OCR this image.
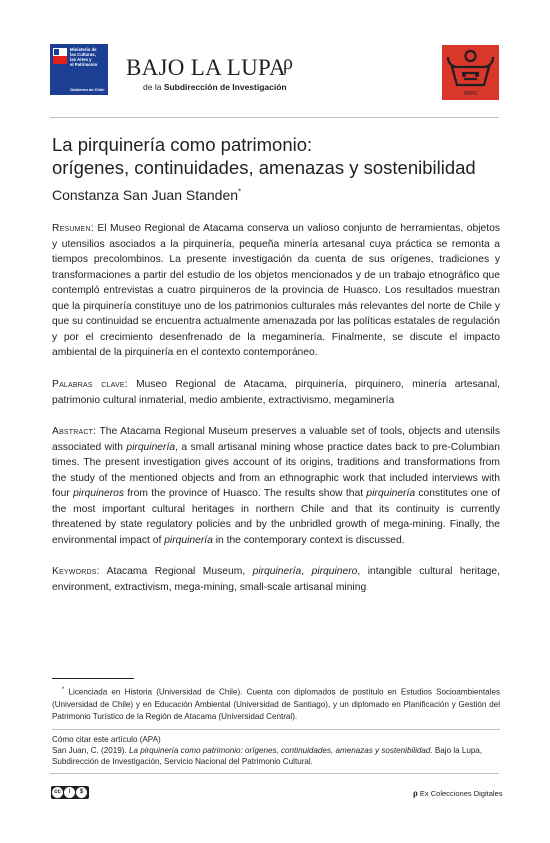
Ministerio de
las Culturas,
las Artes y
el Patrimonio
Gobierno de Chile
BAJO LA LUPA
ρ
de la Subdirección de Investigación
SNPC
La pirquinería como patrimonio:
orígenes, continuidades, amenazas y sostenibilidad
Constanza San Juan Standen*
Resumen: El Museo Regional de Atacama conserva un valioso conjunto de herramientas, objetos y utensilios asociados a la pirquinería, pequeña minería artesanal cuya práctica se remonta a tiempos precolombinos. La presente investigación da cuenta de sus orígenes, tradiciones y transformaciones a partir del estudio de los objetos mencionados y de un trabajo etnográfico que contempló entrevistas a cuatro pirquineros de la provincia de Huasco. Los resultados muestran que la pirquinería constituye uno de los patrimonios culturales más relevantes del norte de Chile y que su continuidad se encuentra actualmente amenazada por las políticas estatales de regulación y por el crecimiento desenfrenado de la megaminería. Finalmente, se discute el impacto ambiental de la pirquinería en el contexto contemporáneo.
Palabras clave: Museo Regional de Atacama, pirquinería, pirquinero, minería artesanal, patrimonio cultural inmaterial, medio ambiente, extractivismo, megaminería
Abstract: The Atacama Regional Museum preserves a valuable set of tools, objects and utensils associated with pirquinería, a small artisanal mining whose practice dates back to pre-Columbian times. The present investigation gives account of its origins, traditions and transformations from the study of the mentioned objects and from an ethnographic work that included interviews with four pirquineros from the province of Huasco. The results show that pirquinería constitutes one of the most important cultural heritages in northern Chile and that its continuity is currently threatened by state regulatory policies and by the unbridled growth of mega-mining. Finally, the environmental impact of pirquinería in the contemporary context is discussed.
Keywords: Atacama Regional Museum, pirquinería, pirquinero, intangible cultural heritage, environment, extractivism, mega-mining, small-scale artisanal mining
* Licenciada en Historia (Universidad de Chile). Cuenta con diplomados de postítulo en Estudios Socioambientales (Universidad de Chile) y en Educación Ambiental (Universidad de Santiago), y un diplomado en Planificación y Gestión del Patrimonio Turístico de la Región de Atacama (Universidad Central).
Cómo citar este artículo (APA)
San Juan, C. (2019). La pirquinería como patrimonio: orígenes, continuidades, amenazas y sostenibilidad. Bajo la Lupa, Subdirección de Investigación, Servicio Nacional del Patrimonio Cultural.
cc	i	$	ρ Ex Colecciones Digitales
